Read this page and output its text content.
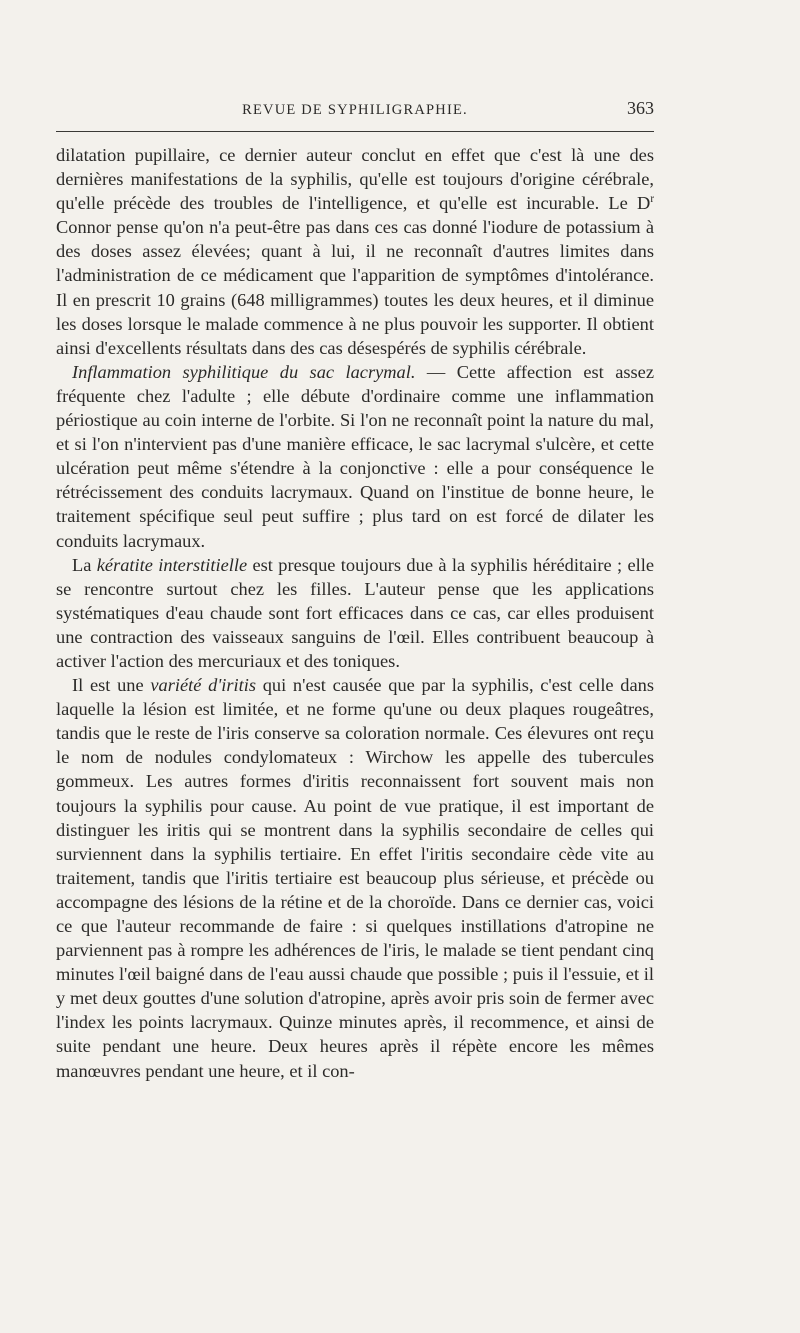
REVUE DE SYPHILIGRAPHIE.	363

dilatation pupillaire, ce dernier auteur conclut en effet que c'est là une des dernières manifestations de la syphilis, qu'elle est toujours d'origine cérébrale, qu'elle précède des troubles de l'intelligence, et qu'elle est incurable. Le $D^r$ Connor pense qu'on n'a peut-être pas dans ces cas donné l'iodure de potassium à des doses assez élevées; quant à lui, il ne reconnaît d'autres limites dans l'administration de ce médicament que l'apparition de symptômes d'intolérance. Il en prescrit 10 grains (648 milligrammes) toutes les deux heures, et il diminue les doses lorsque le malade commence à ne plus pouvoir les supporter. Il obtient ainsi d'excellents résultats dans des cas désespérés de syphilis cérébrale.

Inflammation syphilitique du sac lacrymal. — Cette affection est assez fréquente chez l'adulte ; elle débute d'ordinaire comme une inflammation périostique au coin interne de l'orbite. Si l'on ne reconnaît point la nature du mal, et si l'on n'intervient pas d'une manière efficace, le sac lacrymal s'ulcère, et cette ulcération peut même s'étendre à la conjonctive : elle a pour conséquence le rétrécissement des conduits lacrymaux. Quand on l'institue de bonne heure, le traitement spécifique seul peut suffire ; plus tard on est forcé de dilater les conduits lacrymaux.

La kératite interstitielle est presque toujours due à la syphilis héréditaire ; elle se rencontre surtout chez les filles. L'auteur pense que les applications systématiques d'eau chaude sont fort efficaces dans ce cas, car elles produisent une contraction des vaisseaux sanguins de l'œil. Elles contribuent beaucoup à activer l'action des mercuriaux et des toniques.

Il est une variété d'iritis qui n'est causée que par la syphilis, c'est celle dans laquelle la lésion est limitée, et ne forme qu'une ou deux plaques rougeâtres, tandis que le reste de l'iris conserve sa coloration normale. Ces élevures ont reçu le nom de nodules condylomateux : Wirchow les appelle des tubercules gommeux. Les autres formes d'iritis reconnaissent fort souvent mais non toujours la syphilis pour cause. Au point de vue pratique, il est important de distinguer les iritis qui se montrent dans la syphilis secondaire de celles qui surviennent dans la syphilis tertiaire. En effet l'iritis secondaire cède vite au traitement, tandis que l'iritis tertiaire est beaucoup plus sérieuse, et précède ou accompagne des lésions de la rétine et de la choroïde. Dans ce dernier cas, voici ce que l'auteur recommande de faire : si quelques instillations d'atropine ne parviennent pas à rompre les adhérences de l'iris, le malade se tient pendant cinq minutes l'œil baigné dans de l'eau aussi chaude que possible ; puis il l'essuie, et il y met deux gouttes d'une solution d'atropine, après avoir pris soin de fermer avec l'index les points lacrymaux. Quinze minutes après, il recommence, et ainsi de suite pendant une heure. Deux heures après il répète encore les mêmes manœuvres pendant une heure, et il con-
